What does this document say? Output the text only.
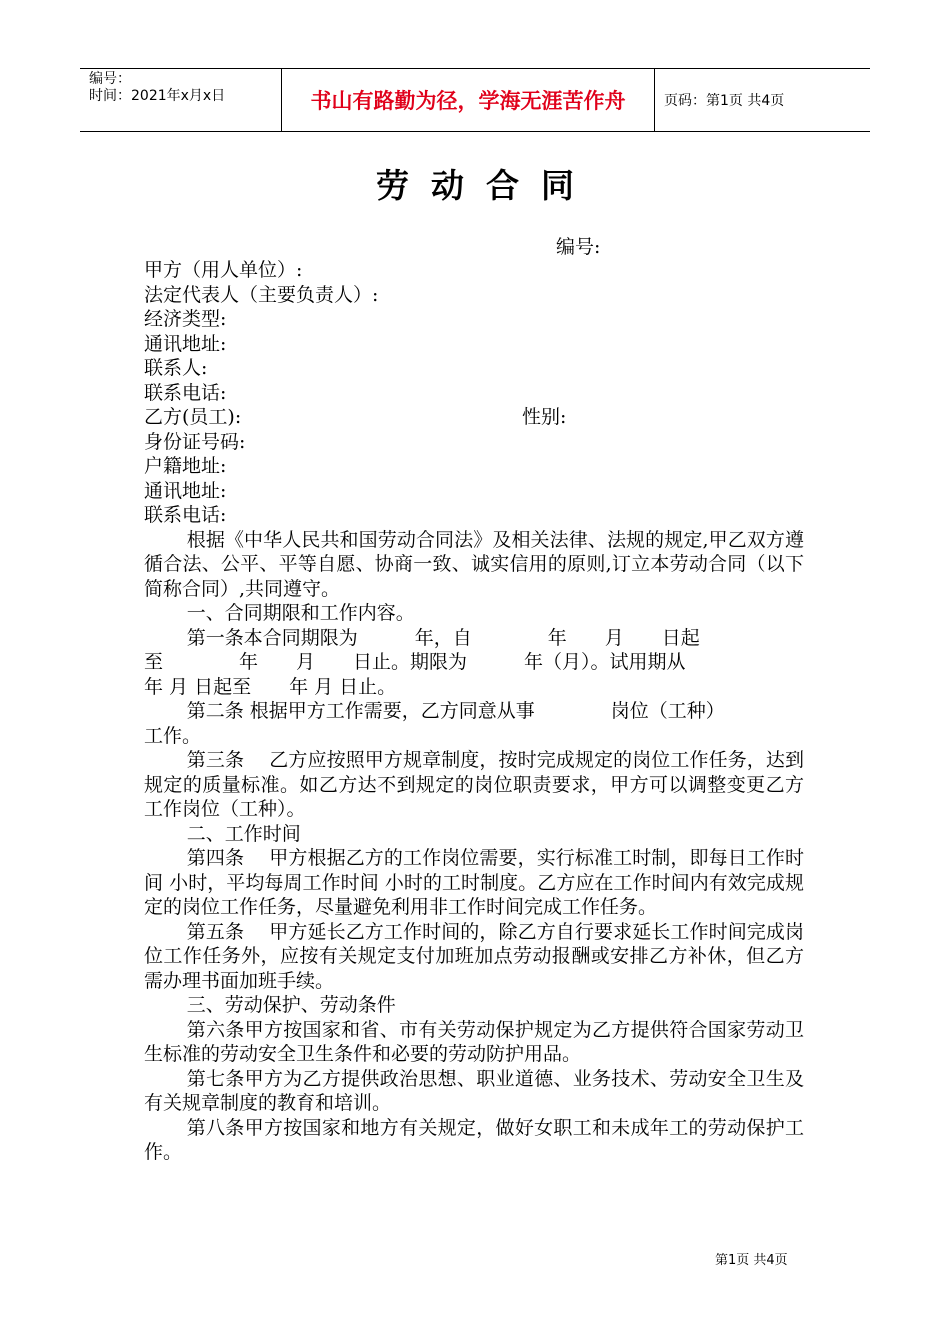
编号：
时间：2021年x月x日	书山有路勤为径，学海无涯苦作舟	页码：第1页 共4页
劳动合同
编号:

甲方（用人单位）:

法定代表人（主要负责人）:

经济类型:

通讯地址:

联系人:

联系电话:

乙方(员工):	性别:

身份证号码:

户籍地址:

通讯地址:

联系电话:

根据《中华人民共和国劳动合同法》及相关法律、法规的规定,甲乙双方遵循合法、公平、平等自愿、协商一致、诚实信用的原则,订立本劳动合同（以下简称合同）,共同遵守。

一、合同期限和工作内容。

第一条本合同期限为　　　年，自　　　　年　　月　　日起

至　　　　年　　月　　日止。期限为　　　年（月）。试用期从

年 月 日起至　　年 月 日止。

第二条 根据甲方工作需要，乙方同意从事　　　　岗位（工种）

工作。

第三条　 乙方应按照甲方规章制度，按时完成规定的岗位工作任务，达到规定的质量标准。如乙方达不到规定的岗位职责要求，甲方可以调整变更乙方工作岗位（工种）。

二、工作时间

第四条　 甲方根据乙方的工作岗位需要，实行标准工时制，即每日工作时间 小时，平均每周工作时间 小时的工时制度。乙方应在工作时间内有效完成规定的岗位工作任务，尽量避免利用非工作时间完成工作任务。

第五条　 甲方延长乙方工作时间的，除乙方自行要求延长工作时间完成岗位工作任务外，应按有关规定支付加班加点劳动报酬或安排乙方补休，但乙方需办理书面加班手续。

三、劳动保护、劳动条件

第六条甲方按国家和省、市有关劳动保护规定为乙方提供符合国家劳动卫生标准的劳动安全卫生条件和必要的劳动防护用品。

第七条甲方为乙方提供政治思想、职业道德、业务技术、劳动安全卫生及有关规章制度的教育和培训。

第八条甲方按国家和地方有关规定，做好女职工和未成年工的劳动保护工作。

第1页 共4页
